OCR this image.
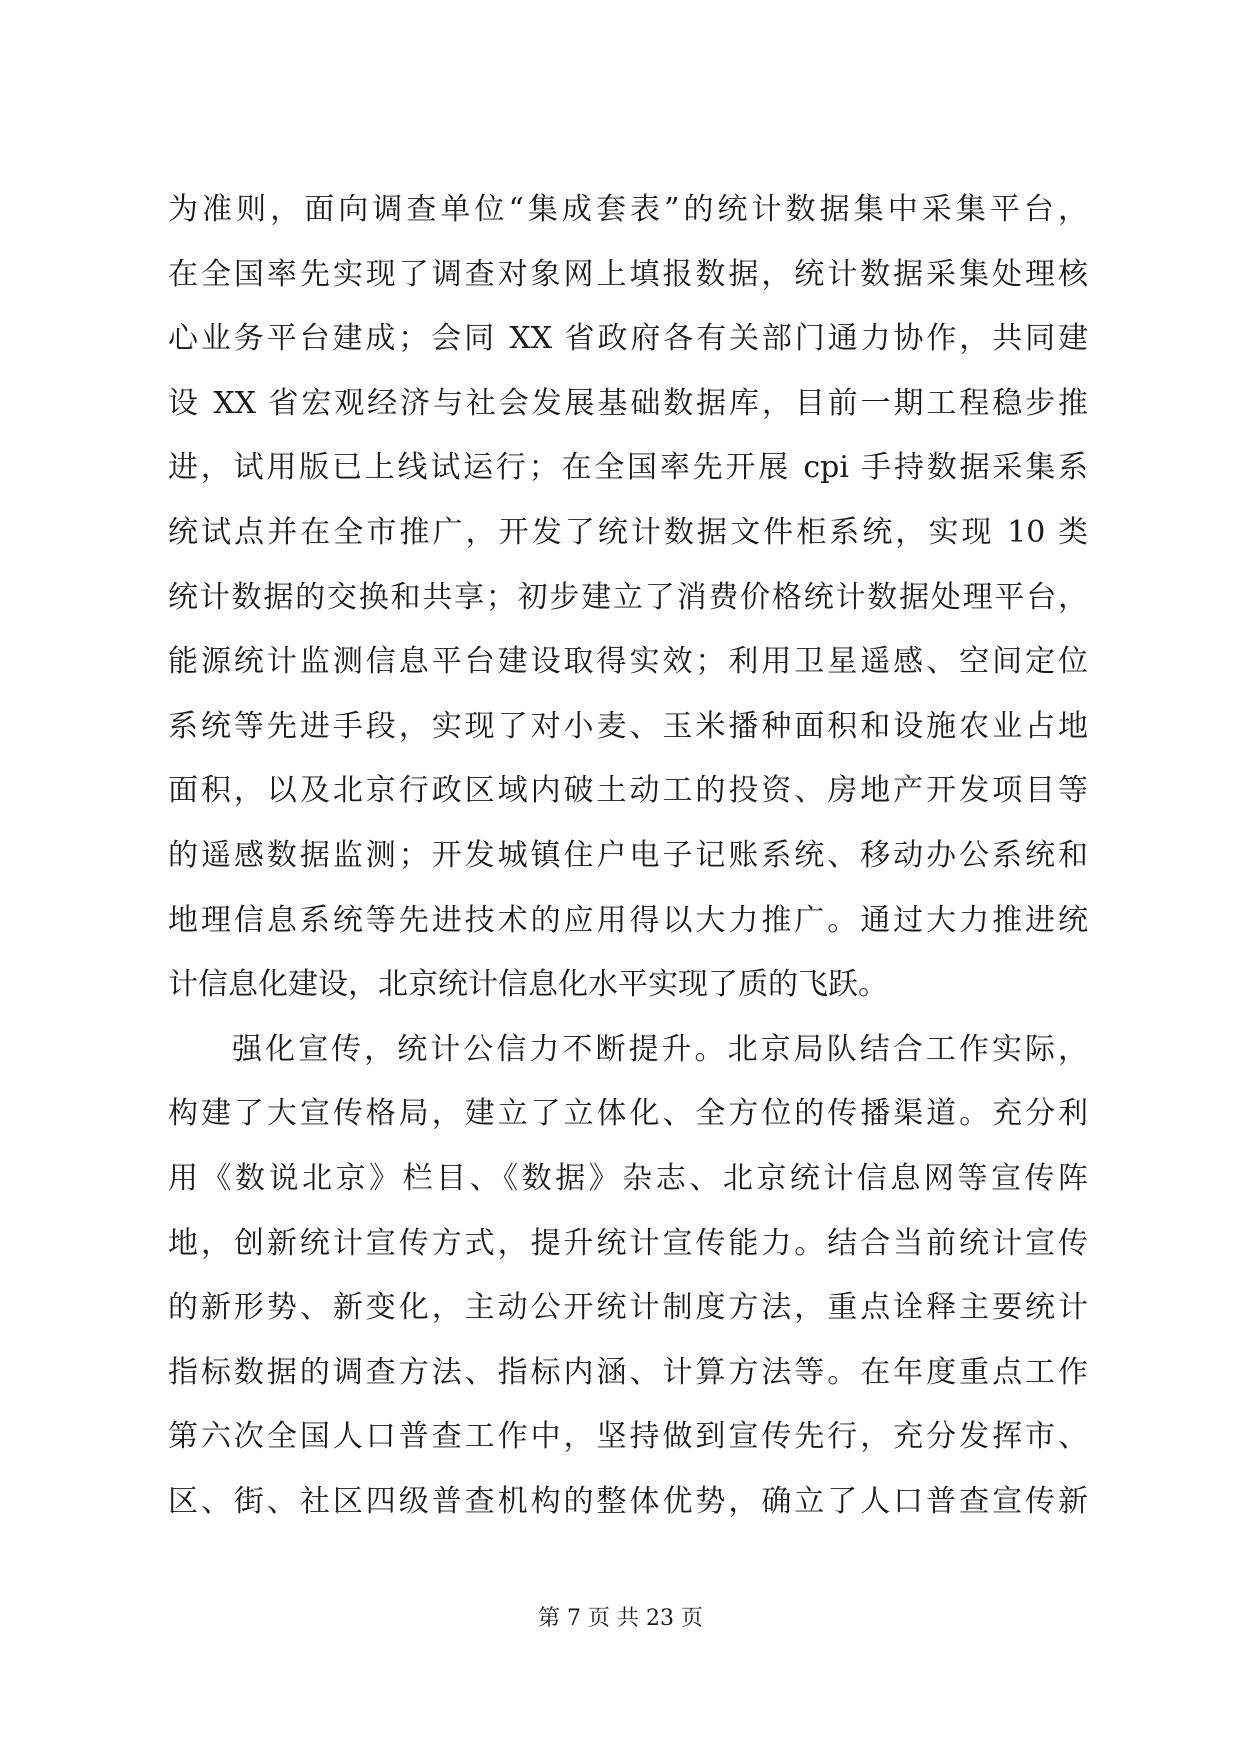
为准则，面向调查单位“集成套表”的统计数据集中采集平台，
在全国率先实现了调查对象网上填报数据，统计数据采集处理核
心业务平台建成；会同 XX 省政府各有关部门通力协作，共同建
设 XX 省宏观经济与社会发展基础数据库，目前一期工程稳步推
进，试用版已上线试运行；在全国率先开展 cpi 手持数据采集系
统试点并在全市推广，开发了统计数据文件柜系统，实现 10 类
统计数据的交换和共享；初步建立了消费价格统计数据处理平台，
能源统计监测信息平台建设取得实效；利用卫星遥感、空间定位
系统等先进手段，实现了对小麦、玉米播种面积和设施农业占地
面积，以及北京行政区域内破土动工的投资、房地产开发项目等
的遥感数据监测；开发城镇住户电子记账系统、移动办公系统和
地理信息系统等先进技术的应用得以大力推广。通过大力推进统
计信息化建设，北京统计信息化水平实现了质的飞跃。
强化宣传，统计公信力不断提升。北京局队结合工作实际，
构建了大宣传格局，建立了立体化、全方位的传播渠道。充分利
用《数说北京》栏目、《数据》杂志、北京统计信息网等宣传阵
地，创新统计宣传方式，提升统计宣传能力。结合当前统计宣传
的新形势、新变化，主动公开统计制度方法，重点诠释主要统计
指标数据的调查方法、指标内涵、计算方法等。在年度重点工作
第六次全国人口普查工作中，坚持做到宣传先行，充分发挥市、
区、街、社区四级普查机构的整体优势，确立了人口普查宣传新
第 7 页 共 23 页
